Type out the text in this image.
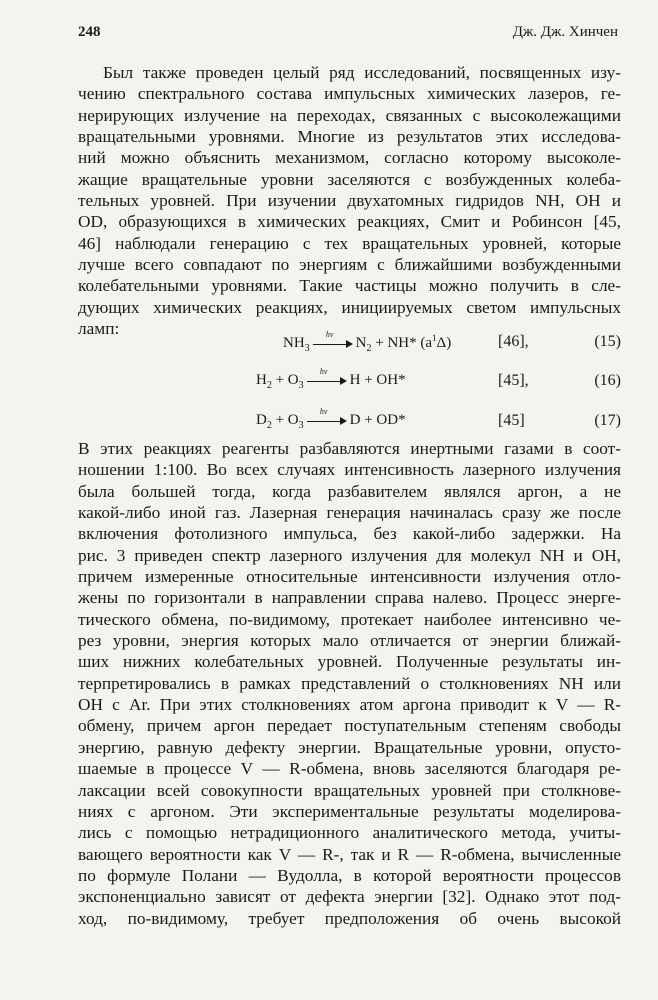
248	Дж. Дж. Хинчен
Был также проведен целый ряд исследований, посвященных изу-
чению спектрального состава импульсных химических лазеров, ге-
нерирующих излучение на переходах, связанных с высоколежащими
вращательными уровнями. Многие из результатов этих исследова-
ний можно объяснить механизмом, согласно которому высоколе-
жащие вращательные уровни заселяются с возбужденных колеба-
тельных уровней. При изучении двухатомных гидридов NH, OH и
OD, образующихся в химических реакциях, Смит и Робинсон [45,
46] наблюдали генерацию с тех вращательных уровней, которые
лучше всего совпадают по энергиям с ближайшими возбужденными
колебательными уровнями. Такие частицы можно получить в сле-
дующих химических реакциях, инициируемых светом импульсных
ламп:
$NH_3$
hν
$N_2 + NH*$ $(a^1\Delta)$	[46],	(15)
$H_2 + O_3$
hν
H + OH*	[45],	(16)
$D_2 + O_3$
hν
D + OD*	[45]	(17)
В этих реакциях реагенты разбавляются инертными газами в соот-
ношении 1:100. Во всех случаях интенсивность лазерного излучения
была большей тогда, когда разбавителем являлся аргон, а не
какой-либо иной газ. Лазерная генерация начиналась сразу же после
включения фотолизного импульса, без какой-либо задержки. На
рис. 3 приведен спектр лазерного излучения для молекул NH и OH,
причем измеренные относительные интенсивности излучения отло-
жены по горизонтали в направлении справа налево. Процесс энерге-
тического обмена, по-видимому, протекает наиболее интенсивно че-
рез уровни, энергия которых мало отличается от энергии ближай-
ших нижних колебательных уровней. Полученные результаты ин-
терпретировались в рамках представлений о столкновениях NH или
OH с Ar. При этих столкновениях атом аргона приводит к V — R-
обмену, причем аргон передает поступательным степеням свободы
энергию, равную дефекту энергии. Вращательные уровни, опусто-
шаемые в процессе V — R-обмена, вновь заселяются благодаря ре-
лаксации всей совокупности вращательных уровней при столкнове-
ниях с аргоном. Эти экспериментальные результаты моделирова-
лись с помощью нетрадиционного аналитического метода, учиты-
вающего вероятности как V — R-, так и R — R-обмена, вычисленные
по формуле Полани — Вудолла, в которой вероятности процессов
экспоненциально зависят от дефекта энергии [32]. Однако этот под-
ход, по-видимому, требует предположения об очень высокой
